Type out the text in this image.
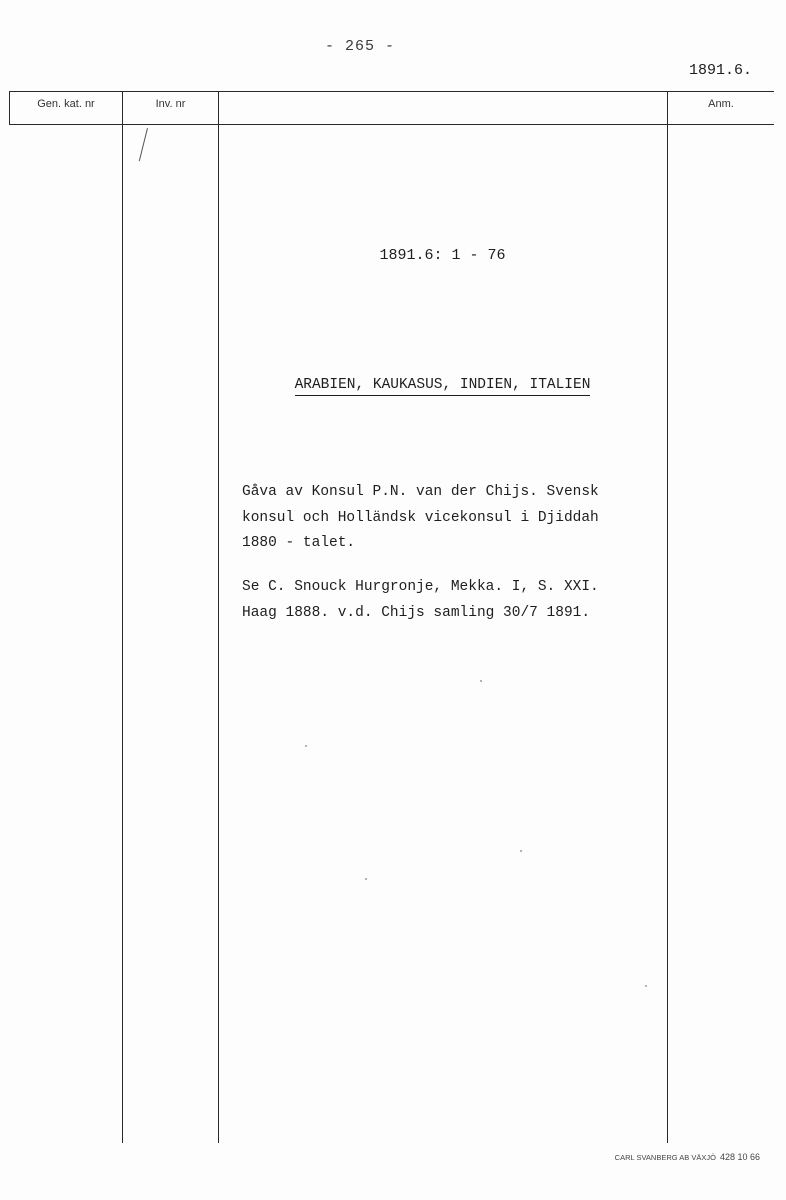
- 265 -
1891.6.
Gen. kat. nr	Inv. nr	Anm.
1891.6: 1 - 76
ARABIEN, KAUKASUS, INDIEN, ITALIEN
Gåva av Konsul P.N. van der Chijs. Svensk
konsul och Holländsk vicekonsul i Djiddah
1880 - talet.
Se C. Snouck Hurgronje, Mekka. I, S. XXI.
Haag 1888. v.d. Chijs samling 30/7 1891.
CARL SVANBERG AB VÄXJÖ 428 10 66
